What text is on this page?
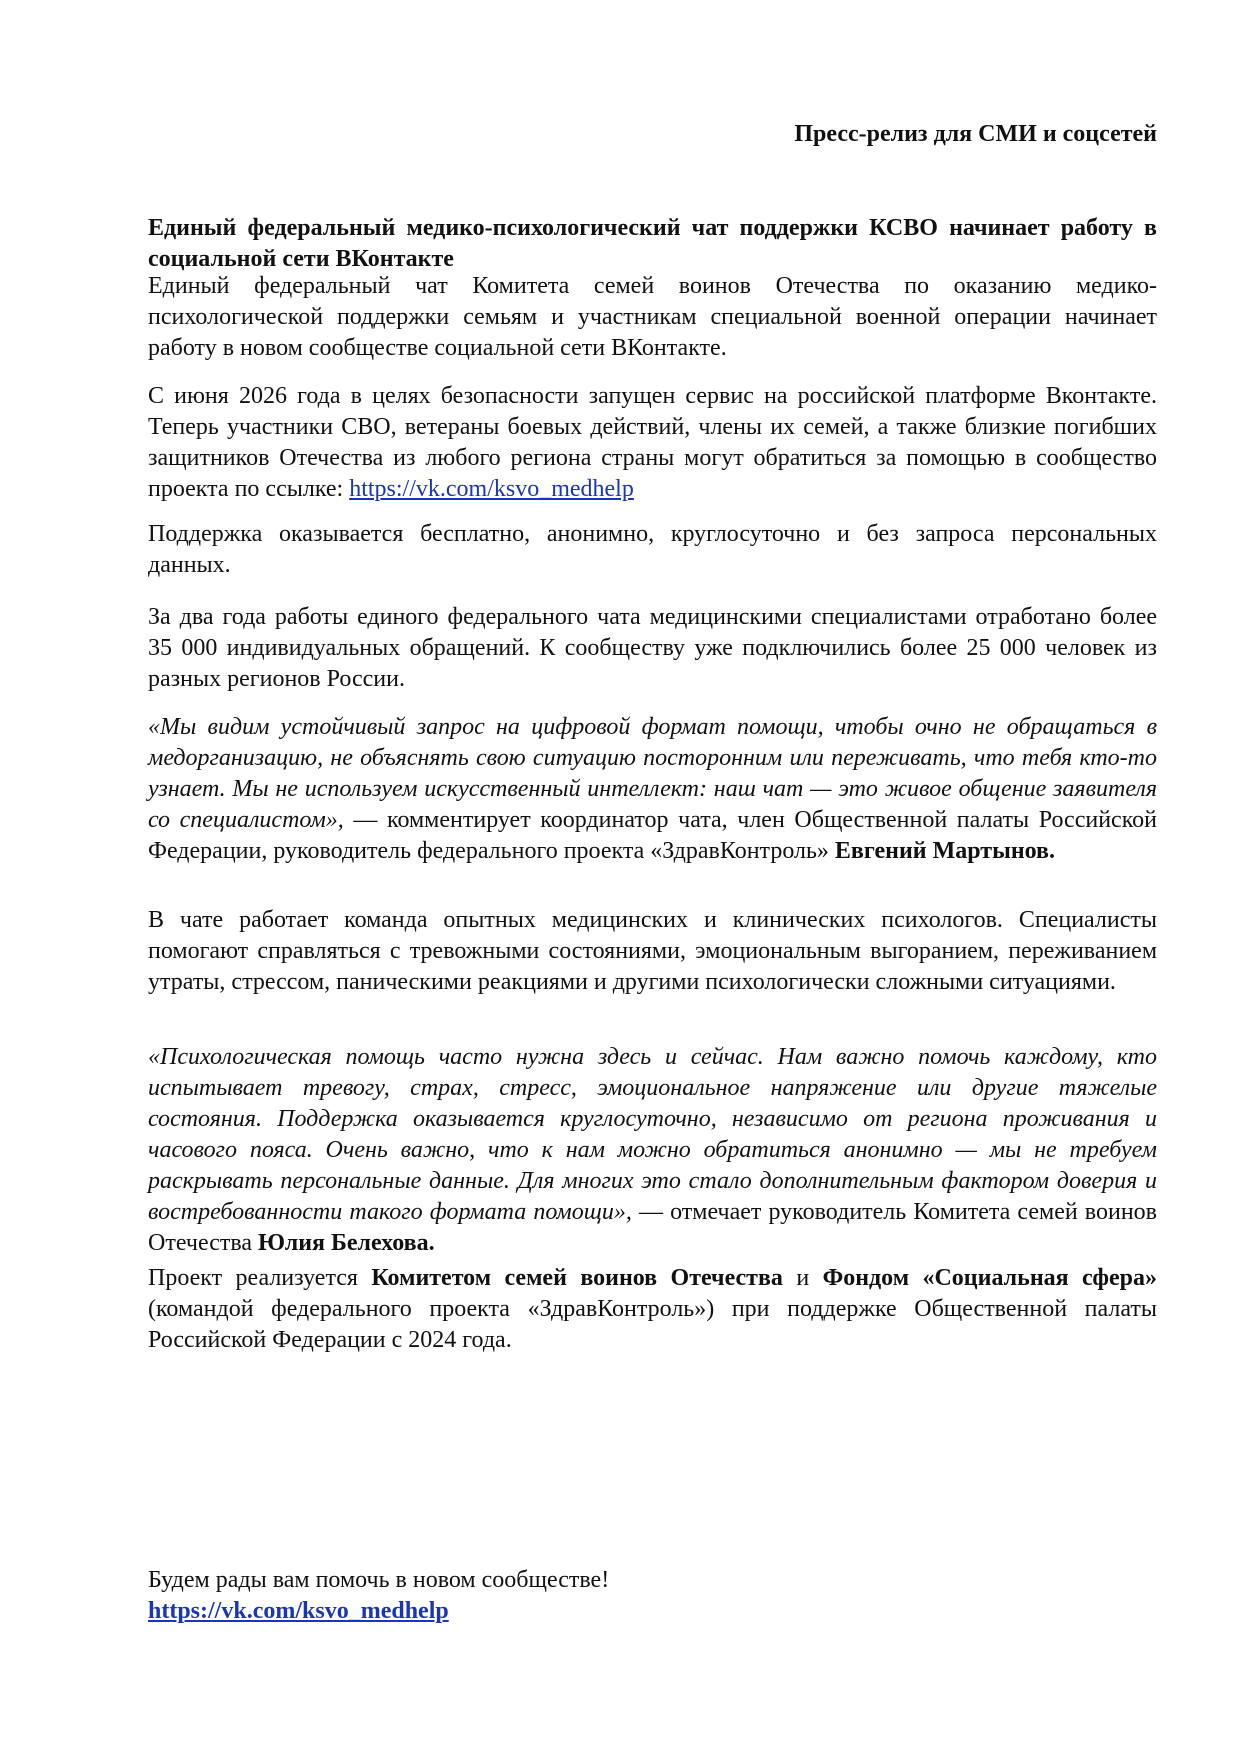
Пресс-релиз для СМИ и соцсетей

Единый федеральный медико-психологический чат поддержки КСВО начинает работу в социальной сети ВКонтакте

Единый федеральный чат Комитета семей воинов Отечества по оказанию медико-психологической поддержки семьям и участникам специальной военной операции начинает работу в новом сообществе социальной сети ВКонтакте.

С июня 2026 года в целях безопасности запущен сервис на российской платформе Вконтакте. Теперь участники СВО, ветераны боевых действий, члены их семей, а также близкие погибших защитников Отечества из любого региона страны могут обратиться за помощью в сообщество проекта по ссылке: https://vk.com/ksvo_medhelp

Поддержка оказывается бесплатно, анонимно, круглосуточно и без запроса персональных данных.

За два года работы единого федерального чата медицинскими специалистами отработано более 35 000 индивидуальных обращений. К сообществу уже подключились более 25 000 человек из разных регионов России.

«Мы видим устойчивый запрос на цифровой формат помощи, чтобы очно не обращаться в медорганизацию, не объяснять свою ситуацию посторонним или переживать, что тебя кто-то узнает. Мы не используем искусственный интеллект: наш чат — это живое общение заявителя со специалистом», — комментирует координатор чата, член Общественной палаты Российской Федерации, руководитель федерального проекта «ЗдравКонтроль» Евгений Мартынов.

В чате работает команда опытных медицинских и клинических психологов. Специалисты помогают справляться с тревожными состояниями, эмоциональным выгоранием, переживанием утраты, стрессом, паническими реакциями и другими психологически сложными ситуациями.

«Психологическая помощь часто нужна здесь и сейчас. Нам важно помочь каждому, кто испытывает тревогу, страх, стресс, эмоциональное напряжение или другие тяжелые состояния. Поддержка оказывается круглосуточно, независимо от региона проживания и часового пояса. Очень важно, что к нам можно обратиться анонимно — мы не требуем раскрывать персональные данные. Для многих это стало дополнительным фактором доверия и востребованности такого формата помощи», — отмечает руководитель Комитета семей воинов Отечества Юлия Белехова.

Проект реализуется Комитетом семей воинов Отечества и Фондом «Социальная сфера» (командой федерального проекта «ЗдравКонтроль») при поддержке Общественной палаты Российской Федерации с 2024 года.

Будем рады вам помочь в новом сообществе!
https://vk.com/ksvo_medhelp
